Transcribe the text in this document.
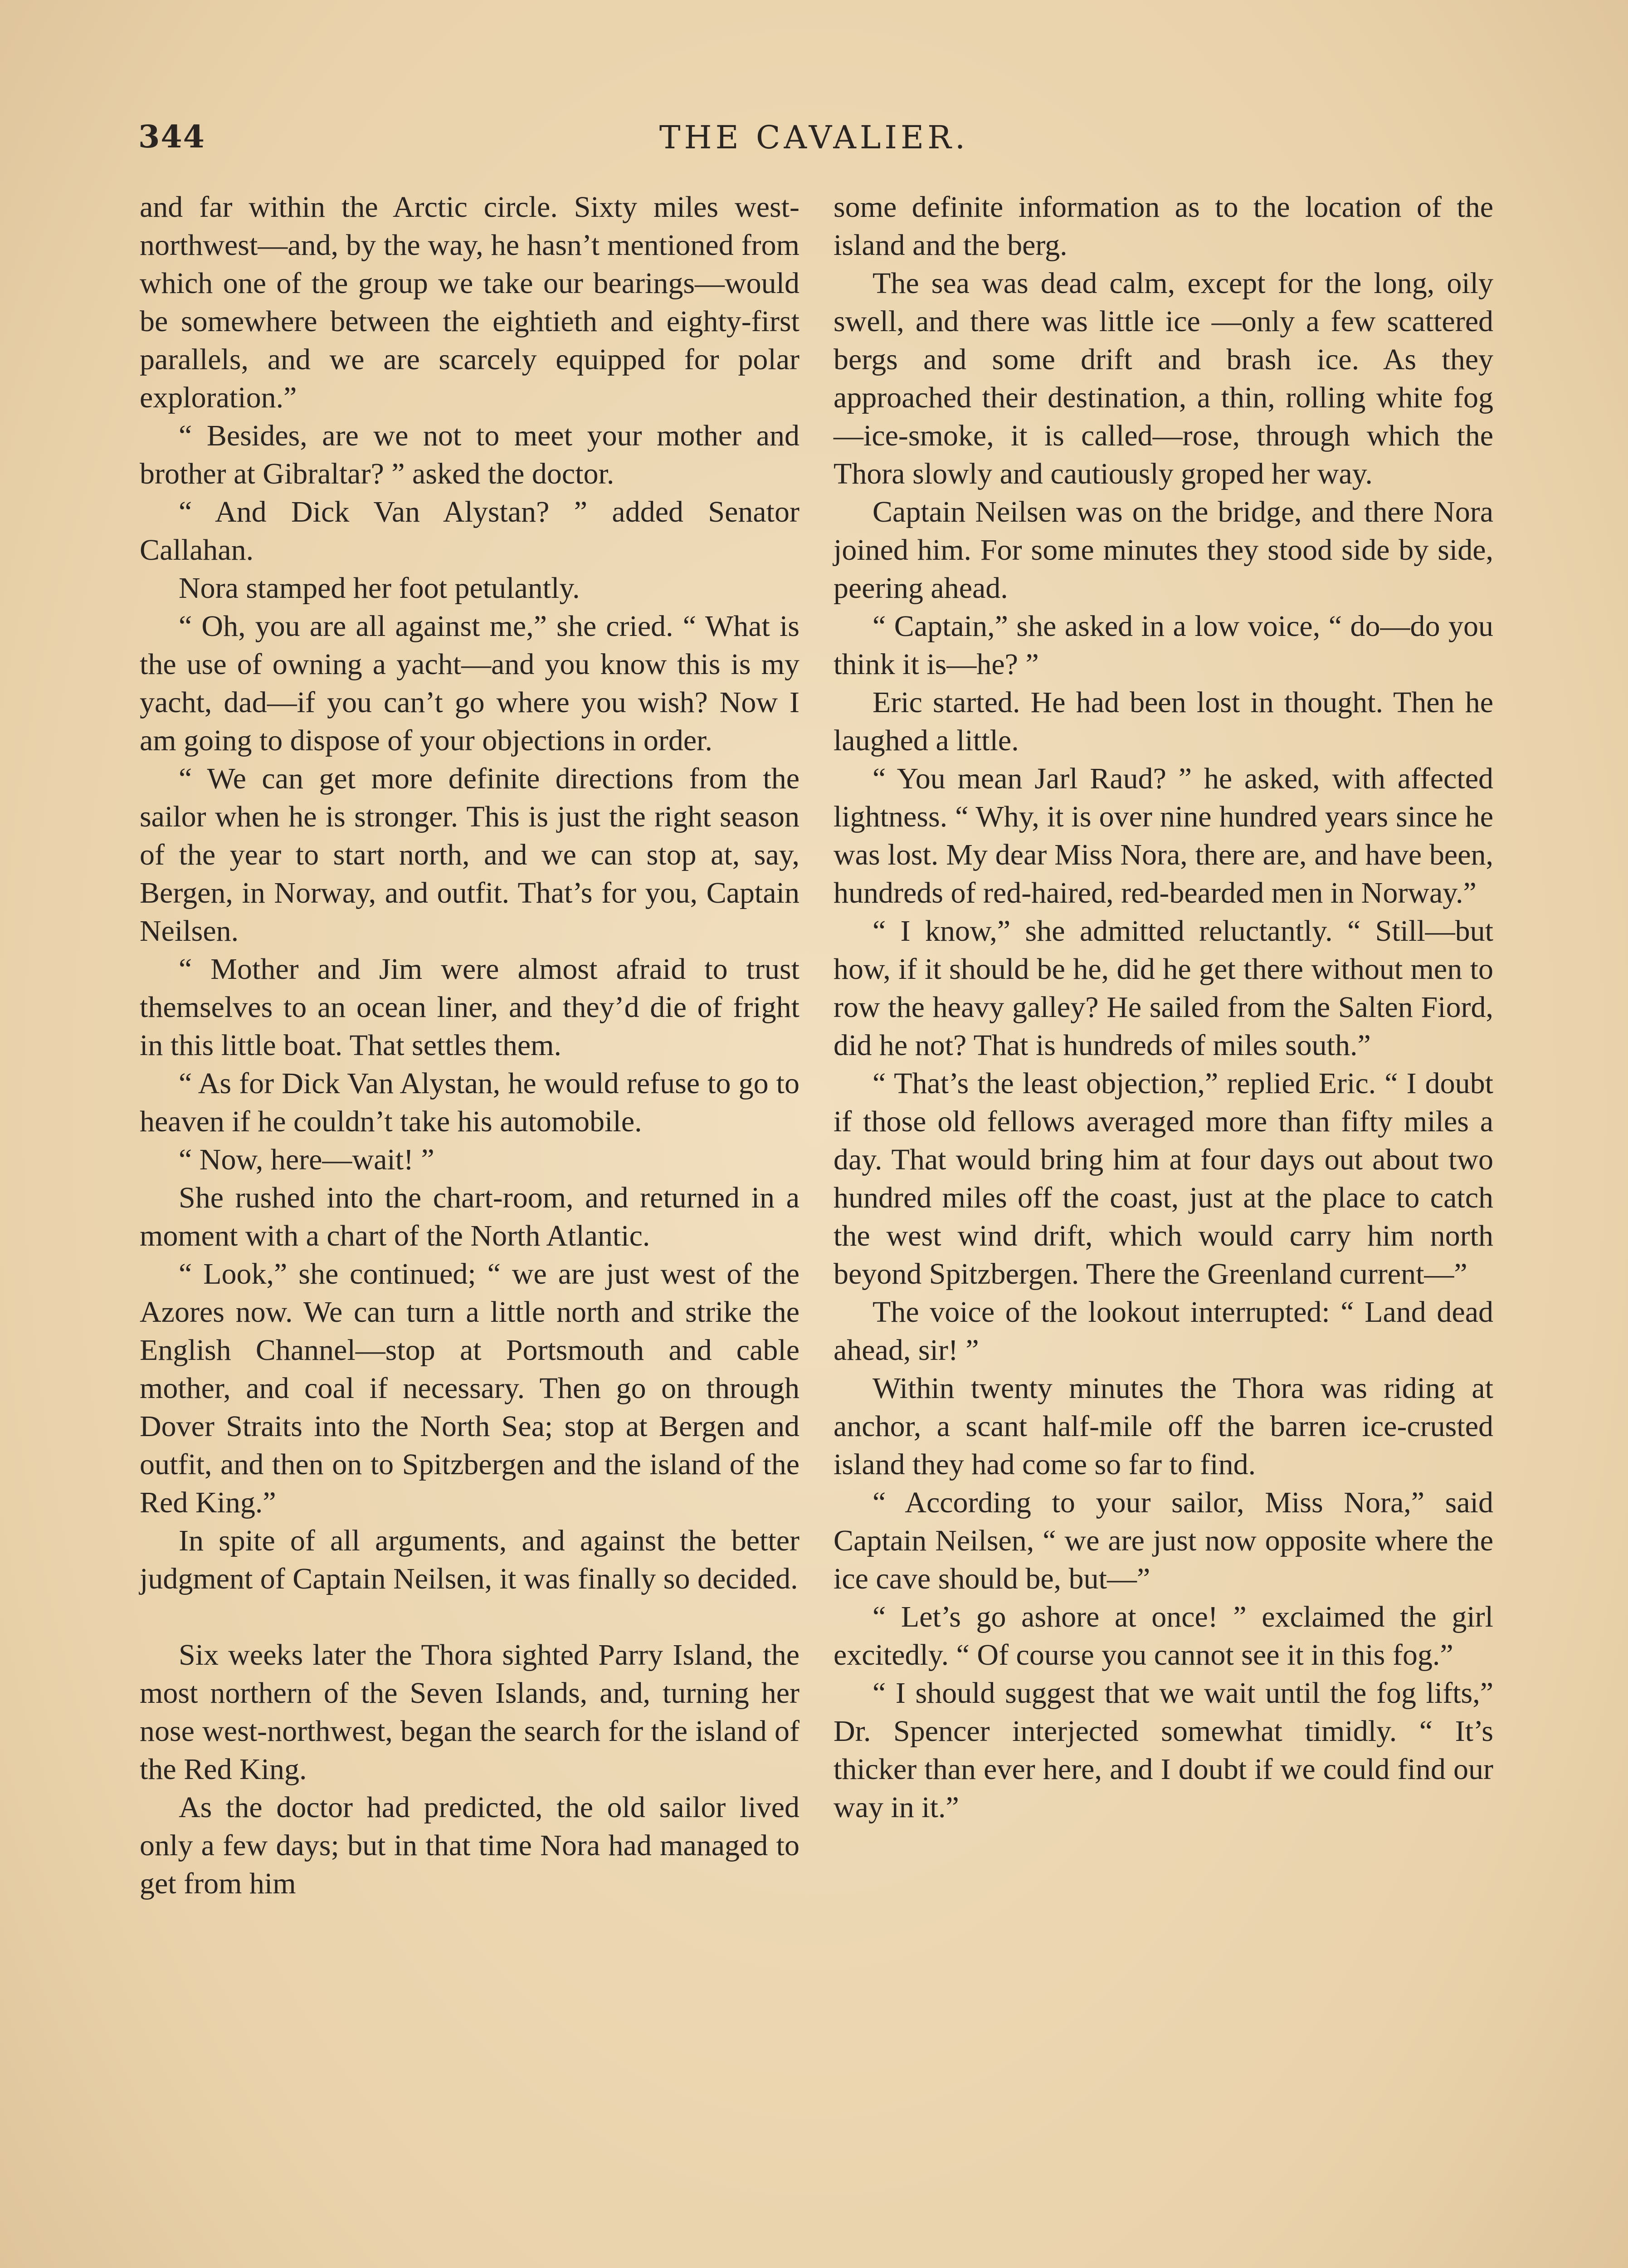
344	THE CAVALIER.

and far within the Arctic circle. Sixty miles west-northwest—and, by the way, he hasn’t mentioned from which one of the group we take our bearings—would be somewhere between the eightieth and eighty-first parallels, and we are scarcely equipped for polar exploration.”

“ Besides, are we not to meet your mother and brother at Gibraltar? ” asked the doctor.

“ And Dick Van Alystan? ” added Senator Callahan.

Nora stamped her foot petulantly.

“ Oh, you are all against me,” she cried. “ What is the use of owning a yacht—and you know this is my yacht, dad—if you can’t go where you wish? Now I am going to dispose of your objections in order.

“ We can get more definite directions from the sailor when he is stronger. This is just the right season of the year to start north, and we can stop at, say, Bergen, in Norway, and outfit. That’s for you, Captain Neilsen.

“ Mother and Jim were almost afraid to trust themselves to an ocean liner, and they’d die of fright in this little boat. That settles them.

“ As for Dick Van Alystan, he would refuse to go to heaven if he couldn’t take his automobile.

“ Now, here—wait! ”

She rushed into the chart-room, and returned in a moment with a chart of the North Atlantic.

“ Look,” she continued; “ we are just west of the Azores now. We can turn a little north and strike the English Channel—stop at Portsmouth and cable mother, and coal if necessary. Then go on through Dover Straits into the North Sea; stop at Bergen and outfit, and then on to Spitzbergen and the island of the Red King.”

In spite of all arguments, and against the better judgment of Captain Neilsen, it was finally so decided.

Six weeks later the Thora sighted Parry Island, the most northern of the Seven Islands, and, turning her nose west-northwest, began the search for the island of the Red King.

As the doctor had predicted, the old sailor lived only a few days; but in that time Nora had managed to get from him

some definite information as to the location of the island and the berg.

The sea was dead calm, except for the long, oily swell, and there was little ice —only a few scattered bergs and some drift and brash ice. As they approached their destination, a thin, rolling white fog —ice-smoke, it is called—rose, through which the Thora slowly and cautiously groped her way.

Captain Neilsen was on the bridge, and there Nora joined him. For some minutes they stood side by side, peering ahead.

“ Captain,” she asked in a low voice, “ do—do you think it is—he? ”

Eric started. He had been lost in thought. Then he laughed a little.

“ You mean Jarl Raud? ” he asked, with affected lightness. “ Why, it is over nine hundred years since he was lost. My dear Miss Nora, there are, and have been, hundreds of red-haired, red-bearded men in Norway.”

“ I know,” she admitted reluctantly. “ Still—but how, if it should be he, did he get there without men to row the heavy galley? He sailed from the Salten Fiord, did he not? That is hundreds of miles south.”

“ That’s the least objection,” replied Eric. “ I doubt if those old fellows averaged more than fifty miles a day. That would bring him at four days out about two hundred miles off the coast, just at the place to catch the west wind drift, which would carry him north beyond Spitzbergen. There the Greenland current—”

The voice of the lookout interrupted: “ Land dead ahead, sir! ”

Within twenty minutes the Thora was riding at anchor, a scant half-mile off the barren ice-crusted island they had come so far to find.

“ According to your sailor, Miss Nora,” said Captain Neilsen, “ we are just now opposite where the ice cave should be, but—”

“ Let’s go ashore at once! ” exclaimed the girl excitedly. “ Of course you cannot see it in this fog.”

“ I should suggest that we wait until the fog lifts,” Dr. Spencer interjected somewhat timidly. “ It’s thicker than ever here, and I doubt if we could find our way in it.”
